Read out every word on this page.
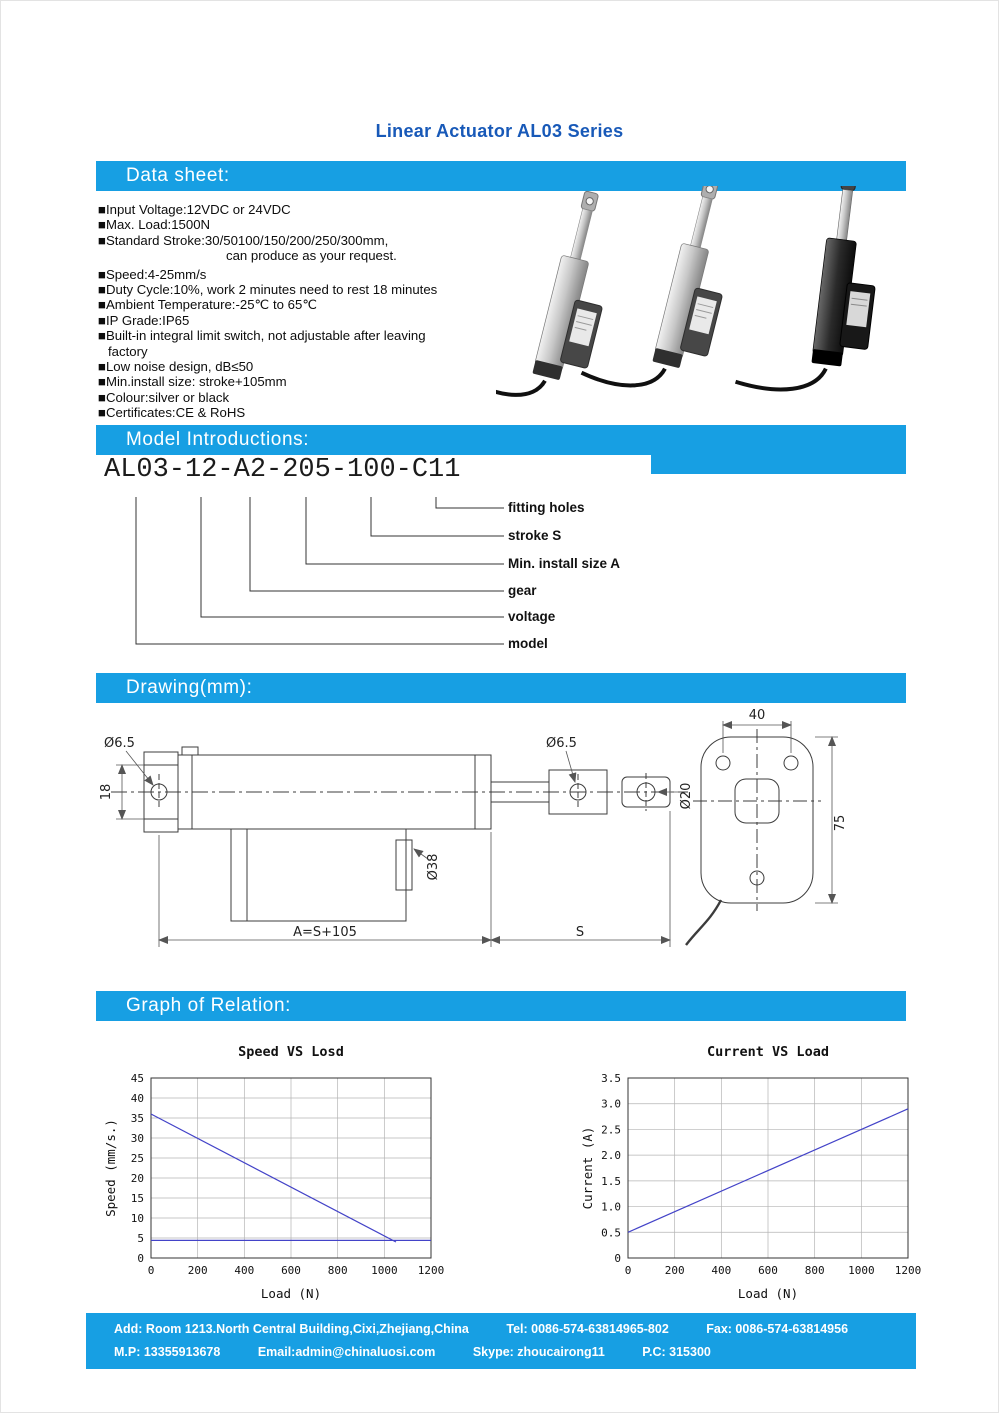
Linear Actuator AL03 Series
Data sheet:
■Input Voltage:12VDC or 24VDC
■Max. Load:1500N
■Standard Stroke:30/50100/150/200/250/300mm,
can produce as your request.
■Speed:4-25mm/s
■Duty Cycle:10%, work 2 minutes need to rest 18 minutes
■Ambient Temperature:-25℃ to 65℃
■IP Grade:IP65
■Built-in integral limit switch, not adjustable after leaving
factory
■Low noise design, dB≤50
■Min.install size: stroke+105mm
■Colour:silver or black
■Certificates:CE & RoHS
Model Introductions:
AL03-12-A2-205-100-C11
fitting holes
stroke S
Min. install size A
gear
voltage
model
Drawing(mm):
Ø6.5
18
Ø6.5
Ø20
Ø38
A=S+105	S
40
75
Graph of Relation:
0	200 400 600 800 1000 1200
0
5
10
15
20
25
30
35
40
45
Speed VS Losd
Load (N)
Speed (mm/s.)
0	200 400 600 800 1000 1200
0
0.5
1.0
1.5
2.0
2.5
3.0
3.5
Current VS Load
Load (N)
Current (A)
Add: Room 1213.North Central Building,Cixi,Zhejiang,China	Tel: 0086-574-63814965-802	Fax: 0086-574-63814956
M.P: 13355913678	Email:admin@chinaluosi.com	Skype: zhoucairong11	P.C: 315300
